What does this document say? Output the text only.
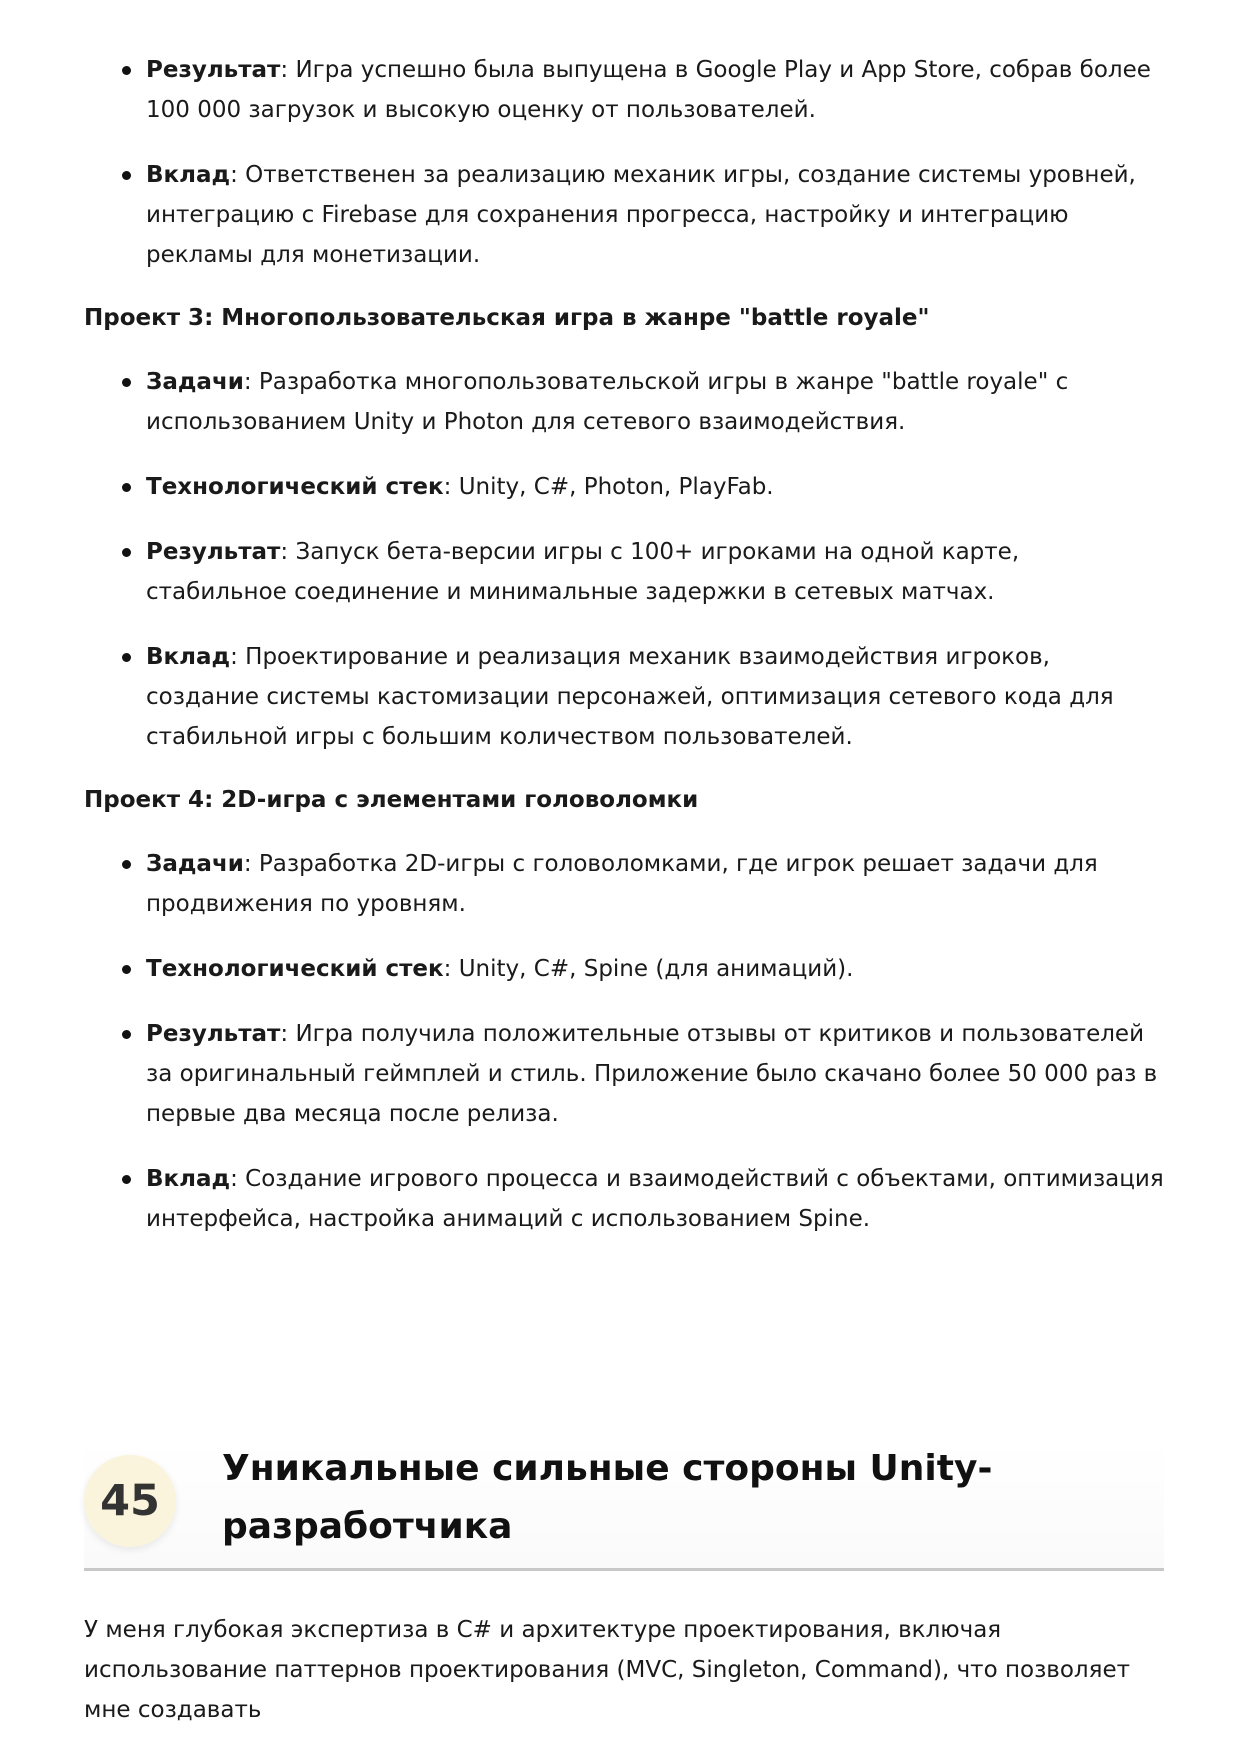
Результат: Игра успешно была выпущена в Google Play и App Store, собрав более 100 000 загрузок и высокую оценку от пользователей.
Вклад: Ответственен за реализацию механик игры, создание системы уровней, интеграцию с Firebase для сохранения прогресса, настройку и интеграцию рекламы для монетизации.
Проект 3: Многопользовательская игра в жанре "battle royale"
Задачи: Разработка многопользовательской игры в жанре "battle royale" с использованием Unity и Photon для сетевого взаимодействия.
Технологический стек: Unity, C#, Photon, PlayFab.
Результат: Запуск бета-версии игры с 100+ игроками на одной карте, стабильное соединение и минимальные задержки в сетевых матчах.
Вклад: Проектирование и реализация механик взаимодействия игроков, создание системы кастомизации персонажей, оптимизация сетевого кода для стабильной игры с большим количеством пользователей.
Проект 4: 2D-игра с элементами головоломки
Задачи: Разработка 2D-игры с головоломками, где игрок решает задачи для продвижения по уровням.
Технологический стек: Unity, C#, Spine (для анимаций).
Результат: Игра получила положительные отзывы от критиков и пользователей за оригинальный геймплей и стиль. Приложение было скачано более 50 000 раз в первые два месяца после релиза.
Вклад: Создание игрового процесса и взаимодействий с объектами, оптимизация интерфейса, настройка анимаций с использованием Spine.
45
Уникальные сильные стороны Unity-
разработчика
У меня глубокая экспертиза в C# и архитектуре проектирования, включая использование паттернов проектирования (MVC, Singleton, Command), что позволяет мне создавать
